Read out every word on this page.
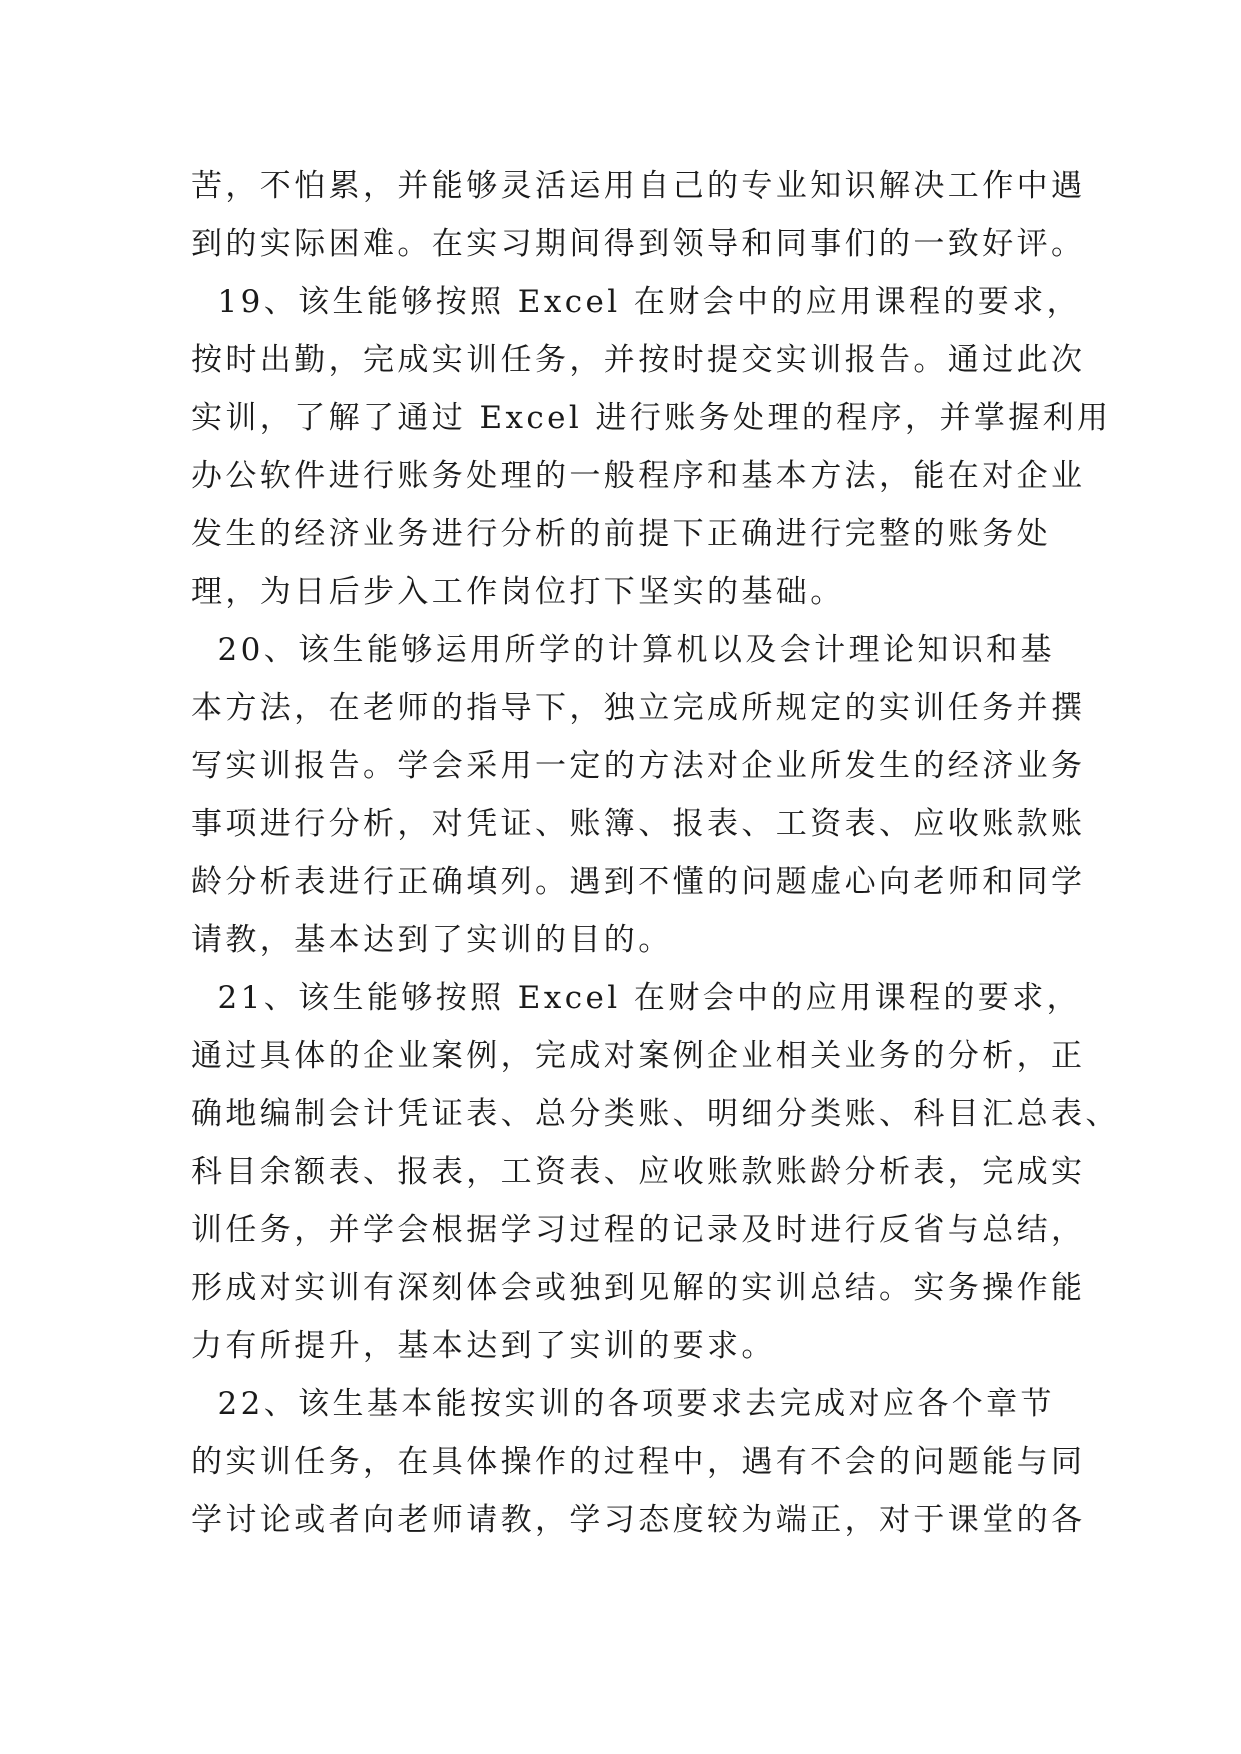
苦，不怕累，并能够灵活运用自己的专业知识解决工作中遇
到的实际困难。在实习期间得到领导和同事们的一致好评。
19、该生能够按照 Excel 在财会中的应用课程的要求，
按时出勤，完成实训任务，并按时提交实训报告。通过此次
实训，了解了通过 Excel 进行账务处理的程序，并掌握利用
办公软件进行账务处理的一般程序和基本方法，能在对企业
发生的经济业务进行分析的前提下正确进行完整的账务处
理，为日后步入工作岗位打下坚实的基础。
20、该生能够运用所学的计算机以及会计理论知识和基
本方法，在老师的指导下，独立完成所规定的实训任务并撰
写实训报告。学会采用一定的方法对企业所发生的经济业务
事项进行分析，对凭证、账簿、报表、工资表、应收账款账
龄分析表进行正确填列。遇到不懂的问题虚心向老师和同学
请教，基本达到了实训的目的。
21、该生能够按照 Excel 在财会中的应用课程的要求，
通过具体的企业案例，完成对案例企业相关业务的分析，正
确地编制会计凭证表、总分类账、明细分类账、科目汇总表、
科目余额表、报表，工资表、应收账款账龄分析表，完成实
训任务，并学会根据学习过程的记录及时进行反省与总结，
形成对实训有深刻体会或独到见解的实训总结。实务操作能
力有所提升，基本达到了实训的要求。
22、该生基本能按实训的各项要求去完成对应各个章节
的实训任务，在具体操作的过程中，遇有不会的问题能与同
学讨论或者向老师请教，学习态度较为端正，对于课堂的各
